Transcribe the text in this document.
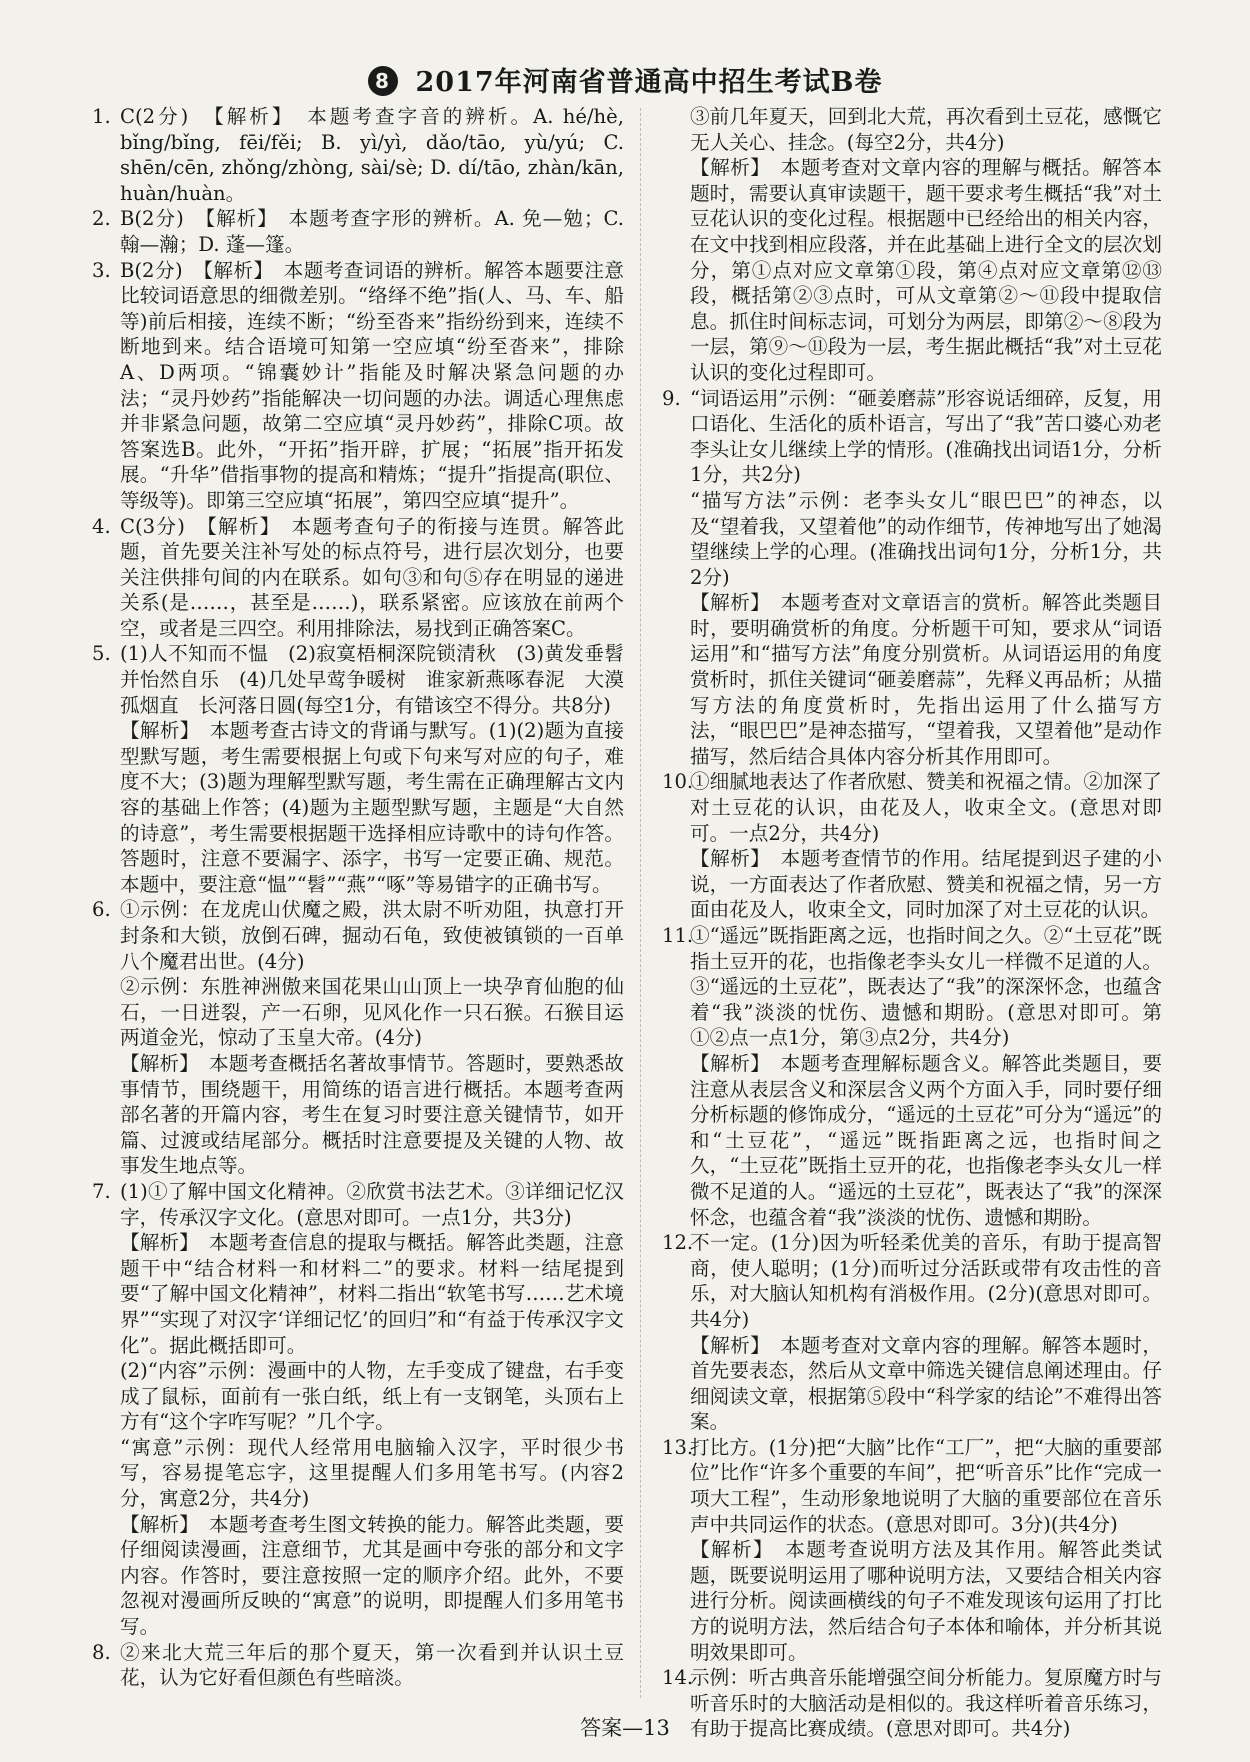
8 2017年河南省普通高中招生考试B卷
1. C(2分)　【解析】　本题考查字音的辨析。A. hé/hè, bǐng/bǐng, fēi/fěi; B. yì/yì, dǎo/tāo, yù/yú; C. shēn/cēn, zhǒng/zhòng, sài/sè; D. dí/tāo, zhàn/kān, huàn/huàn。

2. B(2分)　【解析】　本题考查字形的辨析。A. 免—勉；C. 翰—瀚；D. 蓬—篷。

3. B(2分)　【解析】　本题考查词语的辨析。解答本题要注意比较词语意思的细微差别。“络绎不绝”指(人、马、车、船等)前后相接，连续不断；“纷至沓来”指纷纷到来，连续不断地到来。结合语境可知第一空应填“纷至沓来”，排除A、D两项。“锦囊妙计”指能及时解决紧急问题的办法；“灵丹妙药”指能解决一切问题的办法。调适心理焦虑并非紧急问题，故第二空应填“灵丹妙药”，排除C项。故答案选B。此外，“开拓”指开辟，扩展；“拓展”指开拓发展。“升华”借指事物的提高和精炼；“提升”指提高(职位、等级等)。即第三空应填“拓展”，第四空应填“提升”。

4. C(3分)　【解析】　本题考查句子的衔接与连贯。解答此题，首先要关注补写处的标点符号，进行层次划分，也要关注供排句间的内在联系。如句③和句⑤存在明显的递进关系(是……，甚至是……)，联系紧密。应该放在前两个空，或者是三四空。利用排除法，易找到正确答案C。

5. (1)人不知而不愠　(2)寂寞梧桐深院锁清秋　(3)黄发垂髫　并怡然自乐　(4)几处早莺争暖树　谁家新燕啄春泥　大漠孤烟直　长河落日圆(每空1分，有错该空不得分。共8分)

【解析】　本题考查古诗文的背诵与默写。(1)(2)题为直接型默写题，考生需要根据上句或下句来写对应的句子，难度不大；(3)题为理解型默写题，考生需在正确理解古文内容的基础上作答；(4)题为主题型默写题，主题是“大自然的诗意”，考生需要根据题干选择相应诗歌中的诗句作答。答题时，注意不要漏字、添字，书写一定要正确、规范。本题中，要注意“愠”“髫”“燕”“啄”等易错字的正确书写。

6. ①示例：在龙虎山伏魔之殿，洪太尉不听劝阻，执意打开封条和大锁，放倒石碑，掘动石龟，致使被镇锁的一百单八个魔君出世。(4分)

②示例：东胜神洲傲来国花果山山顶上一块孕育仙胞的仙石，一日迸裂，产一石卵，见风化作一只石猴。石猴目运两道金光，惊动了玉皇大帝。(4分)

【解析】　本题考查概括名著故事情节。答题时，要熟悉故事情节，围绕题干，用简练的语言进行概括。本题考查两部名著的开篇内容，考生在复习时要注意关键情节，如开篇、过渡或结尾部分。概括时注意要提及关键的人物、故事发生地点等。

7. (1)①了解中国文化精神。②欣赏书法艺术。③详细记忆汉字，传承汉字文化。(意思对即可。一点1分，共3分)

【解析】　本题考查信息的提取与概括。解答此类题，注意题干中“结合材料一和材料二”的要求。材料一结尾提到要“了解中国文化精神”，材料二指出“软笔书写……艺术境界”“实现了对汉字‘详细记忆’的回归”和“有益于传承汉字文化”。据此概括即可。

(2)“内容”示例：漫画中的人物，左手变成了键盘，右手变成了鼠标，面前有一张白纸，纸上有一支钢笔，头顶右上方有“这个字咋写呢？”几个字。

“寓意”示例：现代人经常用电脑输入汉字，平时很少书写，容易提笔忘字，这里提醒人们多用笔书写。(内容2分，寓意2分，共4分)

【解析】　本题考查考生图文转换的能力。解答此类题，要仔细阅读漫画，注意细节，尤其是画中夸张的部分和文字内容。作答时，要注意按照一定的顺序介绍。此外，不要忽视对漫画所反映的“寓意”的说明，即提醒人们多用笔书写。

8. ②来北大荒三年后的那个夏天，第一次看到并认识土豆花，认为它好看但颜色有些暗淡。

③前几年夏天，回到北大荒，再次看到土豆花，感慨它无人关心、挂念。(每空2分，共4分)

【解析】　本题考查对文章内容的理解与概括。解答本题时，需要认真审读题干，题干要求考生概括“我”对土豆花认识的变化过程。根据题中已经给出的相关内容，在文中找到相应段落，并在此基础上进行全文的层次划分，第①点对应文章第①段，第④点对应文章第⑫⑬段，概括第②③点时，可从文章第②～⑪段中提取信息。抓住时间标志词，可划分为两层，即第②～⑧段为一层，第⑨～⑪段为一层，考生据此概括“我”对土豆花认识的变化过程即可。

9. “词语运用”示例：“砸姜磨蒜”形容说话细碎，反复，用口语化、生活化的质朴语言，写出了“我”苦口婆心劝老李头让女儿继续上学的情形。(准确找出词语1分，分析1分，共2分)

“描写方法”示例：老李头女儿“眼巴巴”的神态，以及“望着我，又望着他”的动作细节，传神地写出了她渴望继续上学的心理。(准确找出词句1分，分析1分，共2分)

【解析】　本题考查对文章语言的赏析。解答此类题目时，要明确赏析的角度。分析题干可知，要求从“词语运用”和“描写方法”角度分别赏析。从词语运用的角度赏析时，抓住关键词“砸姜磨蒜”，先释义再品析；从描写方法的角度赏析时，先指出运用了什么描写方法，“眼巴巴”是神态描写，“望着我，又望着他”是动作描写，然后结合具体内容分析其作用即可。

10.

①细腻地表达了作者欣慰、赞美和祝福之情。②加深了对土豆花的认识，由花及人，收束全文。(意思对即可。一点2分，共4分)

【解析】　本题考查情节的作用。结尾提到迟子建的小说，一方面表达了作者欣慰、赞美和祝福之情，另一方面由花及人，收束全文，同时加深了对土豆花的认识。

11.

①“遥远”既指距离之远，也指时间之久。②“土豆花”既指土豆开的花，也指像老李头女儿一样微不足道的人。③“遥远的土豆花”，既表达了“我”的深深怀念，也蕴含着“我”淡淡的忧伤、遗憾和期盼。(意思对即可。第①②点一点1分，第③点2分，共4分)

【解析】　本题考查理解标题含义。解答此类题目，要注意从表层含义和深层含义两个方面入手，同时要仔细分析标题的修饰成分，“遥远的土豆花”可分为“遥远”的和“土豆花”，“遥远”既指距离之远，也指时间之久，“土豆花”既指土豆开的花，也指像老李头女儿一样微不足道的人。“遥远的土豆花”，既表达了“我”的深深怀念，也蕴含着“我”淡淡的忧伤、遗憾和期盼。

12.

不一定。(1分)因为听轻柔优美的音乐，有助于提高智商，使人聪明；(1分)而听过分活跃或带有攻击性的音乐，对大脑认知机构有消极作用。(2分)(意思对即可。共4分)

【解析】　本题考查对文章内容的理解。解答本题时，首先要表态，然后从文章中筛选关键信息阐述理由。仔细阅读文章，根据第⑤段中“科学家的结论”不难得出答案。

13.

打比方。(1分)把“大脑”比作“工厂”，把“大脑的重要部位”比作“许多个重要的车间”，把“听音乐”比作“完成一项大工程”，生动形象地说明了大脑的重要部位在音乐声中共同运作的状态。(意思对即可。3分)(共4分)

【解析】　本题考查说明方法及其作用。解答此类试题，既要说明运用了哪种说明方法，又要结合相关内容进行分析。阅读画横线的句子不难发现该句运用了打比方的说明方法，然后结合句子本体和喻体，并分析其说明效果即可。

14.

示例：听古典音乐能增强空间分析能力。复原魔方时与听音乐时的大脑活动是相似的。我这样听着音乐练习，有助于提高比赛成绩。(意思对即可。共4分)

答案—13
